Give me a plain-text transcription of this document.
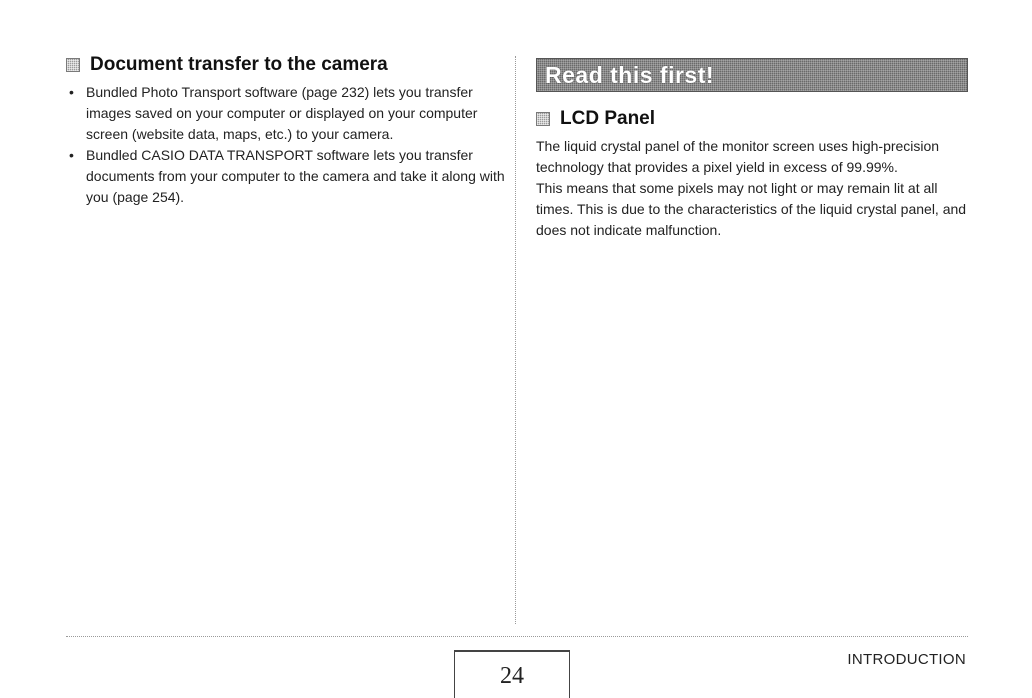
Document transfer to the camera
• Bundled Photo Transport software (page 232) lets you transfer images saved on your computer or displayed on your computer screen (website data, maps, etc.) to your camera.
• Bundled CASIO DATA TRANSPORT software lets you transfer documents from your computer to the camera and take it along with you (page 254).
Read this first!
LCD Panel

The liquid crystal panel of the monitor screen uses high-precision technology that provides a pixel yield in excess of 99.99%.

This means that some pixels may not light or may remain lit at all times. This is due to the characteristics of the liquid crystal panel, and does not indicate malfunction.

24
INTRODUCTION
